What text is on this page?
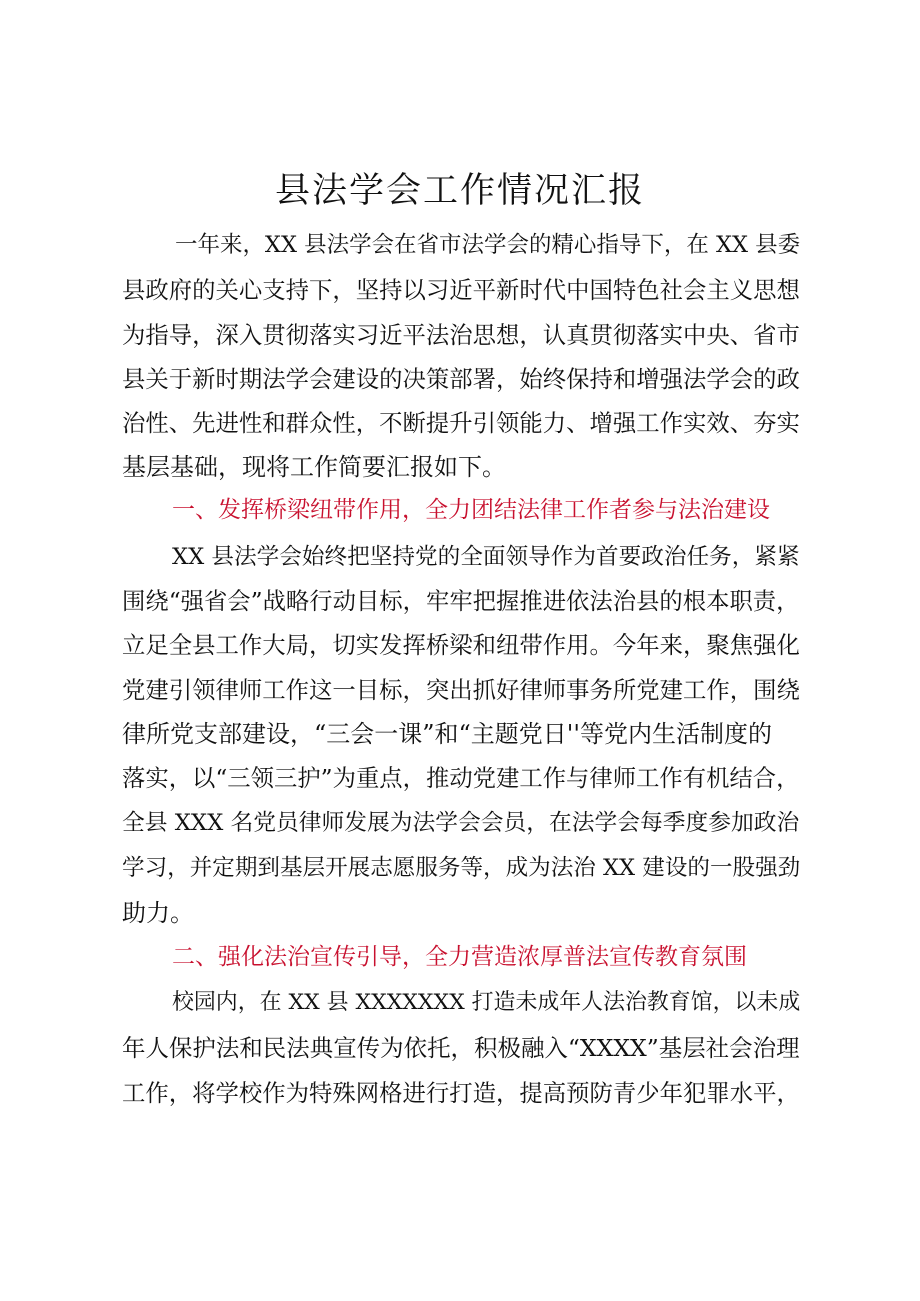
县法学会工作情况汇报
一年来，XX 县法学会在省市法学会的精心指导下，在 XX 县委
县政府的关心支持下，坚持以习近平新时代中国特色社会主义思想
为指导，深入贯彻落实习近平法治思想，认真贯彻落实中央、省市
县关于新时期法学会建设的决策部署，始终保持和增强法学会的政
治性、先进性和群众性，不断提升引领能力、增强工作实效、夯实
基层基础，现将工作简要汇报如下。
一、发挥桥梁纽带作用，全力团结法律工作者参与法治建设
XX 县法学会始终把坚持党的全面领导作为首要政治任务，紧紧
围绕“强省会”战略行动目标，牢牢把握推进依法治县的根本职责，
立足全县工作大局，切实发挥桥梁和纽带作用。今年来，聚焦强化
党建引领律师工作这一目标，突出抓好律师事务所党建工作，围绕
律所党支部建设，“三会一课”和“主题党日''等党内生活制度的
落实，以“三领三护”为重点，推动党建工作与律师工作有机结合，
全县 XXX 名党员律师发展为法学会会员，在法学会每季度参加政治
学习，并定期到基层开展志愿服务等，成为法治 XX 建设的一股强劲
助力。
二、强化法治宣传引导，全力营造浓厚普法宣传教育氛围
校园内，在 XX 县 XXXXXXX 打造未成年人法治教育馆，以未成
年人保护法和民法典宣传为依托，积极融入“XXXX”基层社会治理
工作，将学校作为特殊网格进行打造，提高预防青少年犯罪水平，
